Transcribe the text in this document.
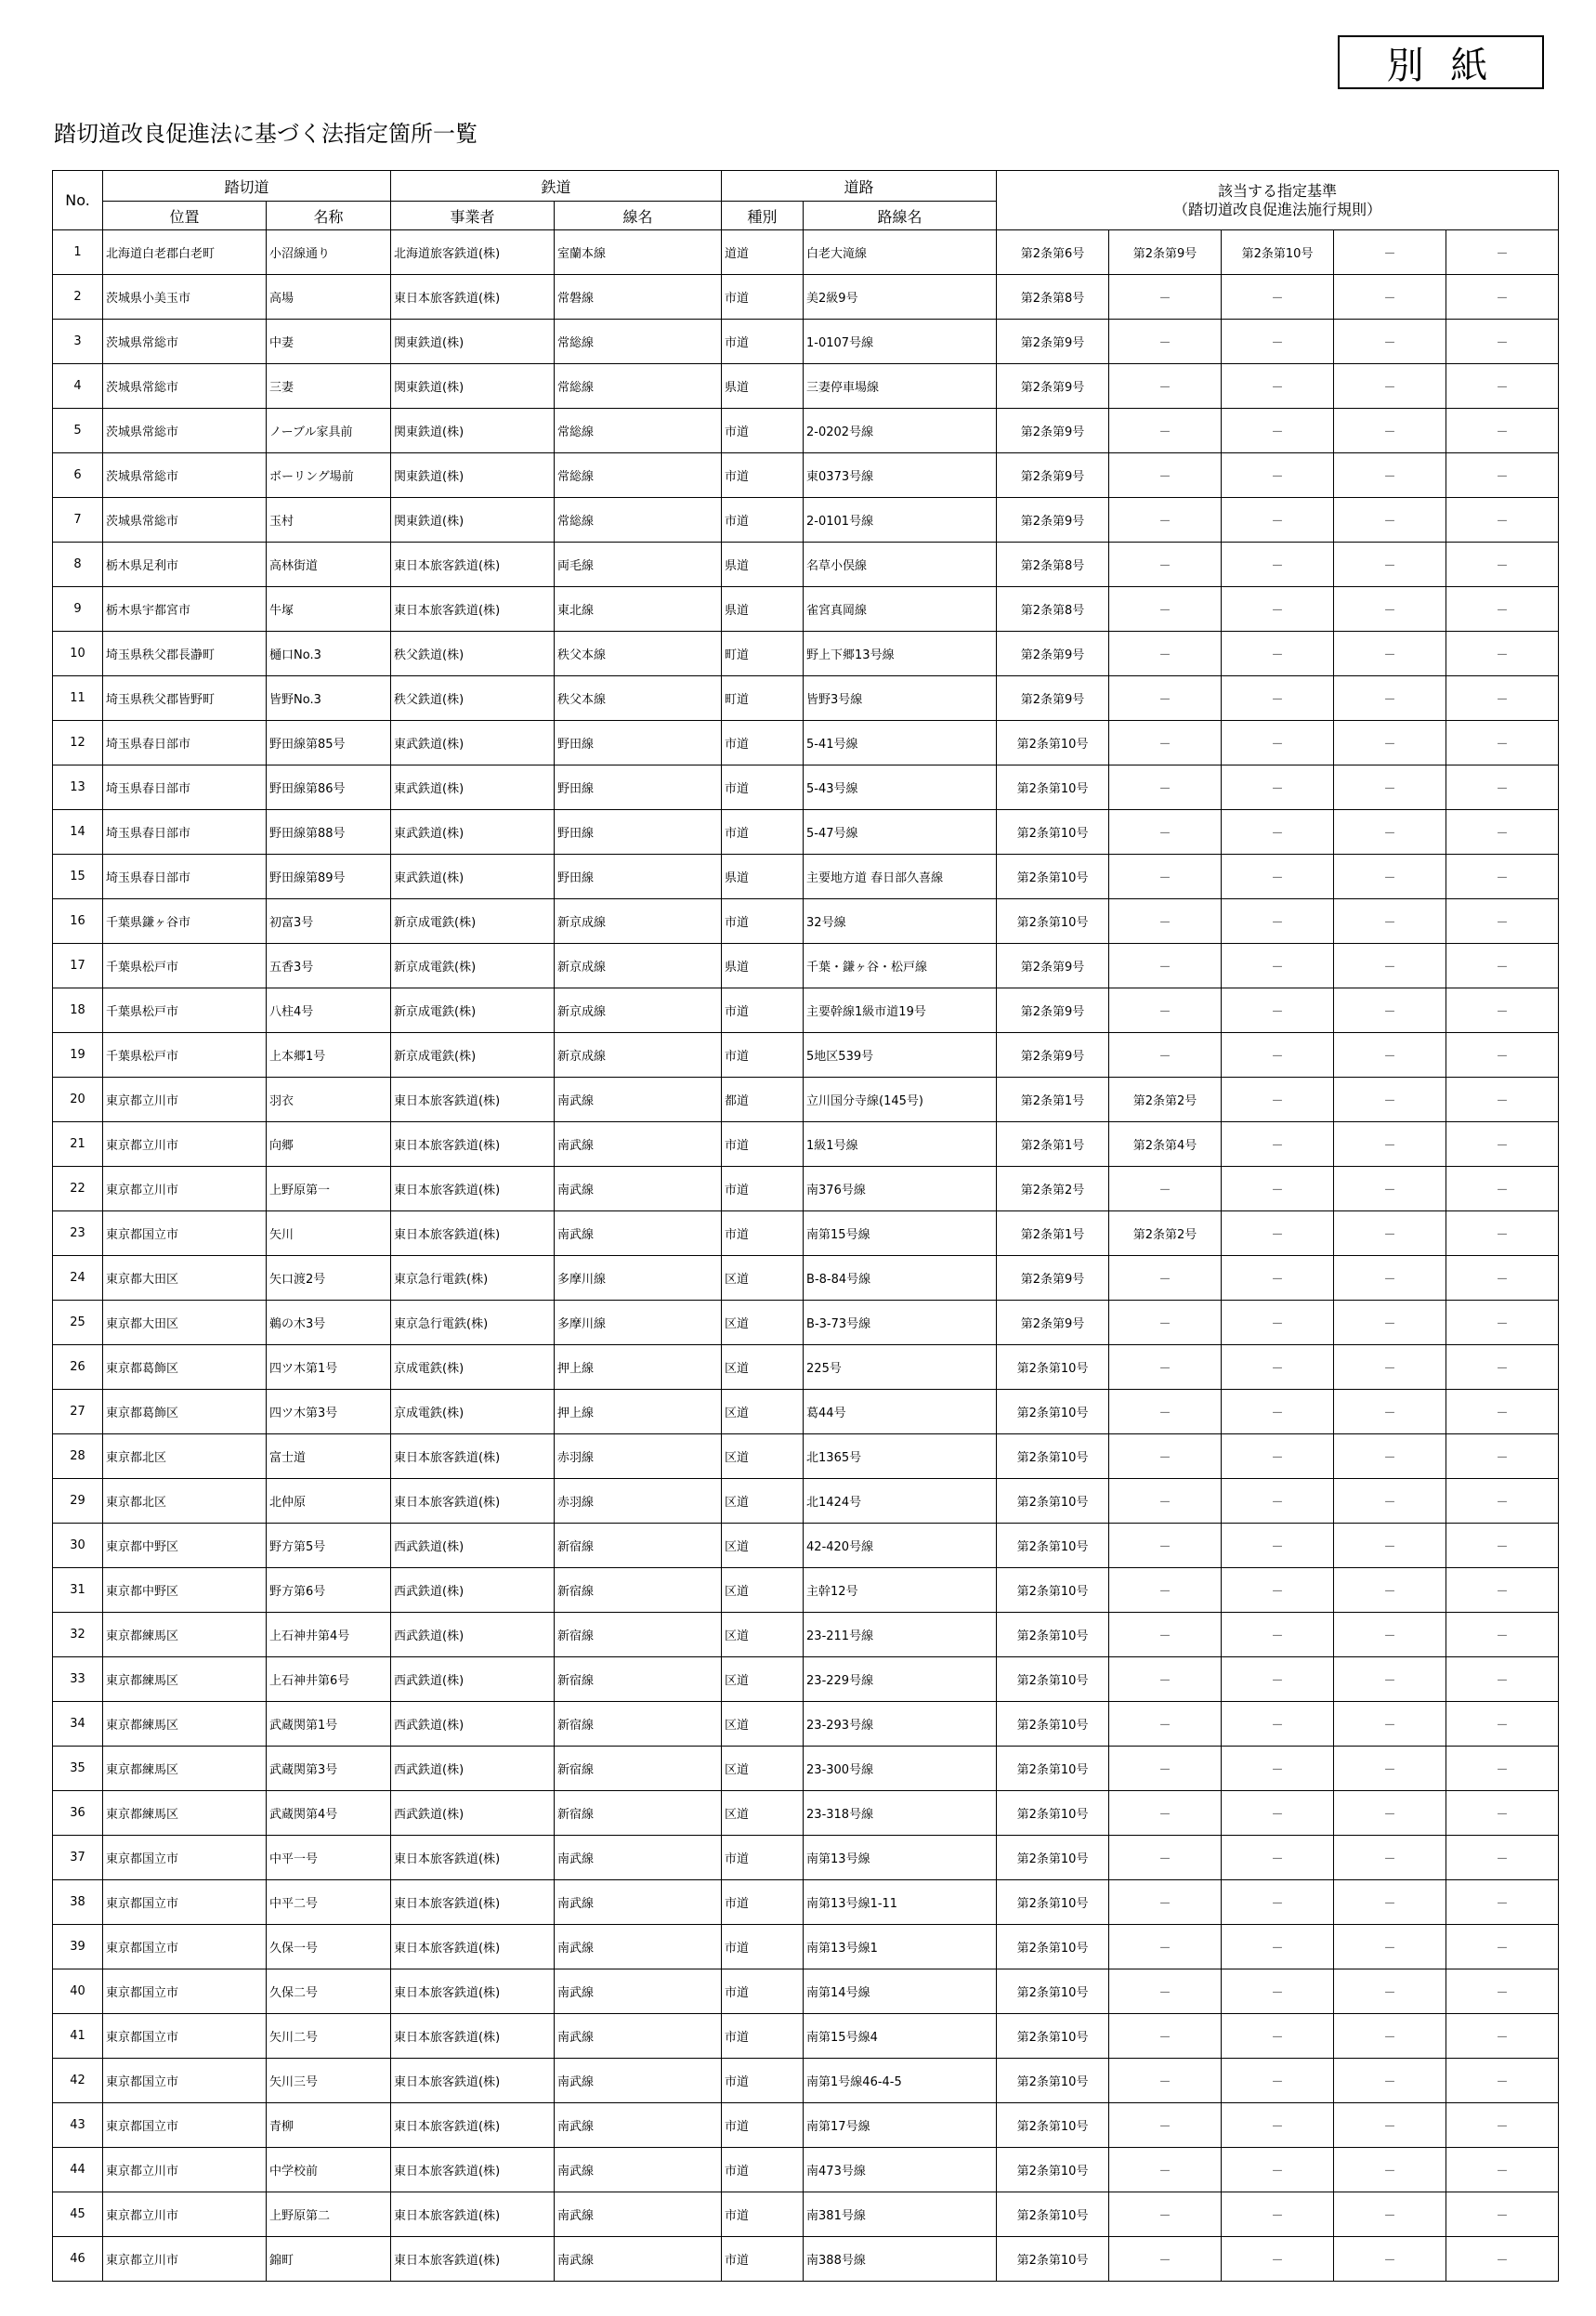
別 紙
踏切道改良促進法に基づく法指定箇所一覧
No.	踏切道		鉄道		道路		該当する指定基準
（踏切道改良促進法施行規則）				

	位置	名称	事業者	線名	種別	路線名					
1	北海道白老郡白老町	小沼線通り	北海道旅客鉄道(株)	室蘭本線	道道	白老大滝線	第2条第6号	第2条第9号	第2条第10号	－	－
2	茨城県小美玉市	高場	東日本旅客鉄道(株)	常磐線	市道	美2級9号	第2条第8号	－	－	－	－
3	茨城県常総市	中妻	関東鉄道(株)	常総線	市道	1-0107号線	第2条第9号	－	－	－	－
4	茨城県常総市	三妻	関東鉄道(株)	常総線	県道	三妻停車場線	第2条第9号	－	－	－	－
5	茨城県常総市	ノーブル家具前	関東鉄道(株)	常総線	市道	2-0202号線	第2条第9号	－	－	－	－
6	茨城県常総市	ボーリング場前	関東鉄道(株)	常総線	市道	東0373号線	第2条第9号	－	－	－	－
7	茨城県常総市	玉村	関東鉄道(株)	常総線	市道	2-0101号線	第2条第9号	－	－	－	－
8	栃木県足利市	高林街道	東日本旅客鉄道(株)	両毛線	県道	名草小俣線	第2条第8号	－	－	－	－
9	栃木県宇都宮市	牛塚	東日本旅客鉄道(株)	東北線	県道	雀宮真岡線	第2条第8号	－	－	－	－
10	埼玉県秩父郡長瀞町	樋口No.3	秩父鉄道(株)	秩父本線	町道	野上下郷13号線	第2条第9号	－	－	－	－
11	埼玉県秩父郡皆野町	皆野No.3	秩父鉄道(株)	秩父本線	町道	皆野3号線	第2条第9号	－	－	－	－
12	埼玉県春日部市	野田線第85号	東武鉄道(株)	野田線	市道	5-41号線	第2条第10号	－	－	－	－
13	埼玉県春日部市	野田線第86号	東武鉄道(株)	野田線	市道	5-43号線	第2条第10号	－	－	－	－
14	埼玉県春日部市	野田線第88号	東武鉄道(株)	野田線	市道	5-47号線	第2条第10号	－	－	－	－
15	埼玉県春日部市	野田線第89号	東武鉄道(株)	野田線	県道	主要地方道 春日部久喜線	第2条第10号	－	－	－	－
16	千葉県鎌ヶ谷市	初富3号	新京成電鉄(株)	新京成線	市道	32号線	第2条第10号	－	－	－	－
17	千葉県松戸市	五香3号	新京成電鉄(株)	新京成線	県道	千葉・鎌ヶ谷・松戸線	第2条第9号	－	－	－	－
18	千葉県松戸市	八柱4号	新京成電鉄(株)	新京成線	市道	主要幹線1級市道19号	第2条第9号	－	－	－	－
19	千葉県松戸市	上本郷1号	新京成電鉄(株)	新京成線	市道	5地区539号	第2条第9号	－	－	－	－
20	東京都立川市	羽衣	東日本旅客鉄道(株)	南武線	都道	立川国分寺線(145号)	第2条第1号	第2条第2号	－	－	－
21	東京都立川市	向郷	東日本旅客鉄道(株)	南武線	市道	1級1号線	第2条第1号	第2条第4号	－	－	－
22	東京都立川市	上野原第一	東日本旅客鉄道(株)	南武線	市道	南376号線	第2条第2号	－	－	－	－
23	東京都国立市	矢川	東日本旅客鉄道(株)	南武線	市道	南第15号線	第2条第1号	第2条第2号	－	－	－
24	東京都大田区	矢口渡2号	東京急行電鉄(株)	多摩川線	区道	B-8-84号線	第2条第9号	－	－	－	－
25	東京都大田区	鵜の木3号	東京急行電鉄(株)	多摩川線	区道	B-3-73号線	第2条第9号	－	－	－	－
26	東京都葛飾区	四ツ木第1号	京成電鉄(株)	押上線	区道	225号	第2条第10号	－	－	－	－
27	東京都葛飾区	四ツ木第3号	京成電鉄(株)	押上線	区道	葛44号	第2条第10号	－	－	－	－
28	東京都北区	富士道	東日本旅客鉄道(株)	赤羽線	区道	北1365号	第2条第10号	－	－	－	－
29	東京都北区	北仲原	東日本旅客鉄道(株)	赤羽線	区道	北1424号	第2条第10号	－	－	－	－
30	東京都中野区	野方第5号	西武鉄道(株)	新宿線	区道	42-420号線	第2条第10号	－	－	－	－
31	東京都中野区	野方第6号	西武鉄道(株)	新宿線	区道	主幹12号	第2条第10号	－	－	－	－
32	東京都練馬区	上石神井第4号	西武鉄道(株)	新宿線	区道	23-211号線	第2条第10号	－	－	－	－
33	東京都練馬区	上石神井第6号	西武鉄道(株)	新宿線	区道	23-229号線	第2条第10号	－	－	－	－
34	東京都練馬区	武蔵関第1号	西武鉄道(株)	新宿線	区道	23-293号線	第2条第10号	－	－	－	－
35	東京都練馬区	武蔵関第3号	西武鉄道(株)	新宿線	区道	23-300号線	第2条第10号	－	－	－	－
36	東京都練馬区	武蔵関第4号	西武鉄道(株)	新宿線	区道	23-318号線	第2条第10号	－	－	－	－
37	東京都国立市	中平一号	東日本旅客鉄道(株)	南武線	市道	南第13号線	第2条第10号	－	－	－	－
38	東京都国立市	中平二号	東日本旅客鉄道(株)	南武線	市道	南第13号線1-11	第2条第10号	－	－	－	－
39	東京都国立市	久保一号	東日本旅客鉄道(株)	南武線	市道	南第13号線1	第2条第10号	－	－	－	－
40	東京都国立市	久保二号	東日本旅客鉄道(株)	南武線	市道	南第14号線	第2条第10号	－	－	－	－
41	東京都国立市	矢川二号	東日本旅客鉄道(株)	南武線	市道	南第15号線4	第2条第10号	－	－	－	－
42	東京都国立市	矢川三号	東日本旅客鉄道(株)	南武線	市道	南第1号線46-4-5	第2条第10号	－	－	－	－
43	東京都国立市	青柳	東日本旅客鉄道(株)	南武線	市道	南第17号線	第2条第10号	－	－	－	－
44	東京都立川市	中学校前	東日本旅客鉄道(株)	南武線	市道	南473号線	第2条第10号	－	－	－	－
45	東京都立川市	上野原第二	東日本旅客鉄道(株)	南武線	市道	南381号線	第2条第10号	－	－	－	－
46	東京都立川市	錦町	東日本旅客鉄道(株)	南武線	市道	南388号線	第2条第10号	－	－	－	－
